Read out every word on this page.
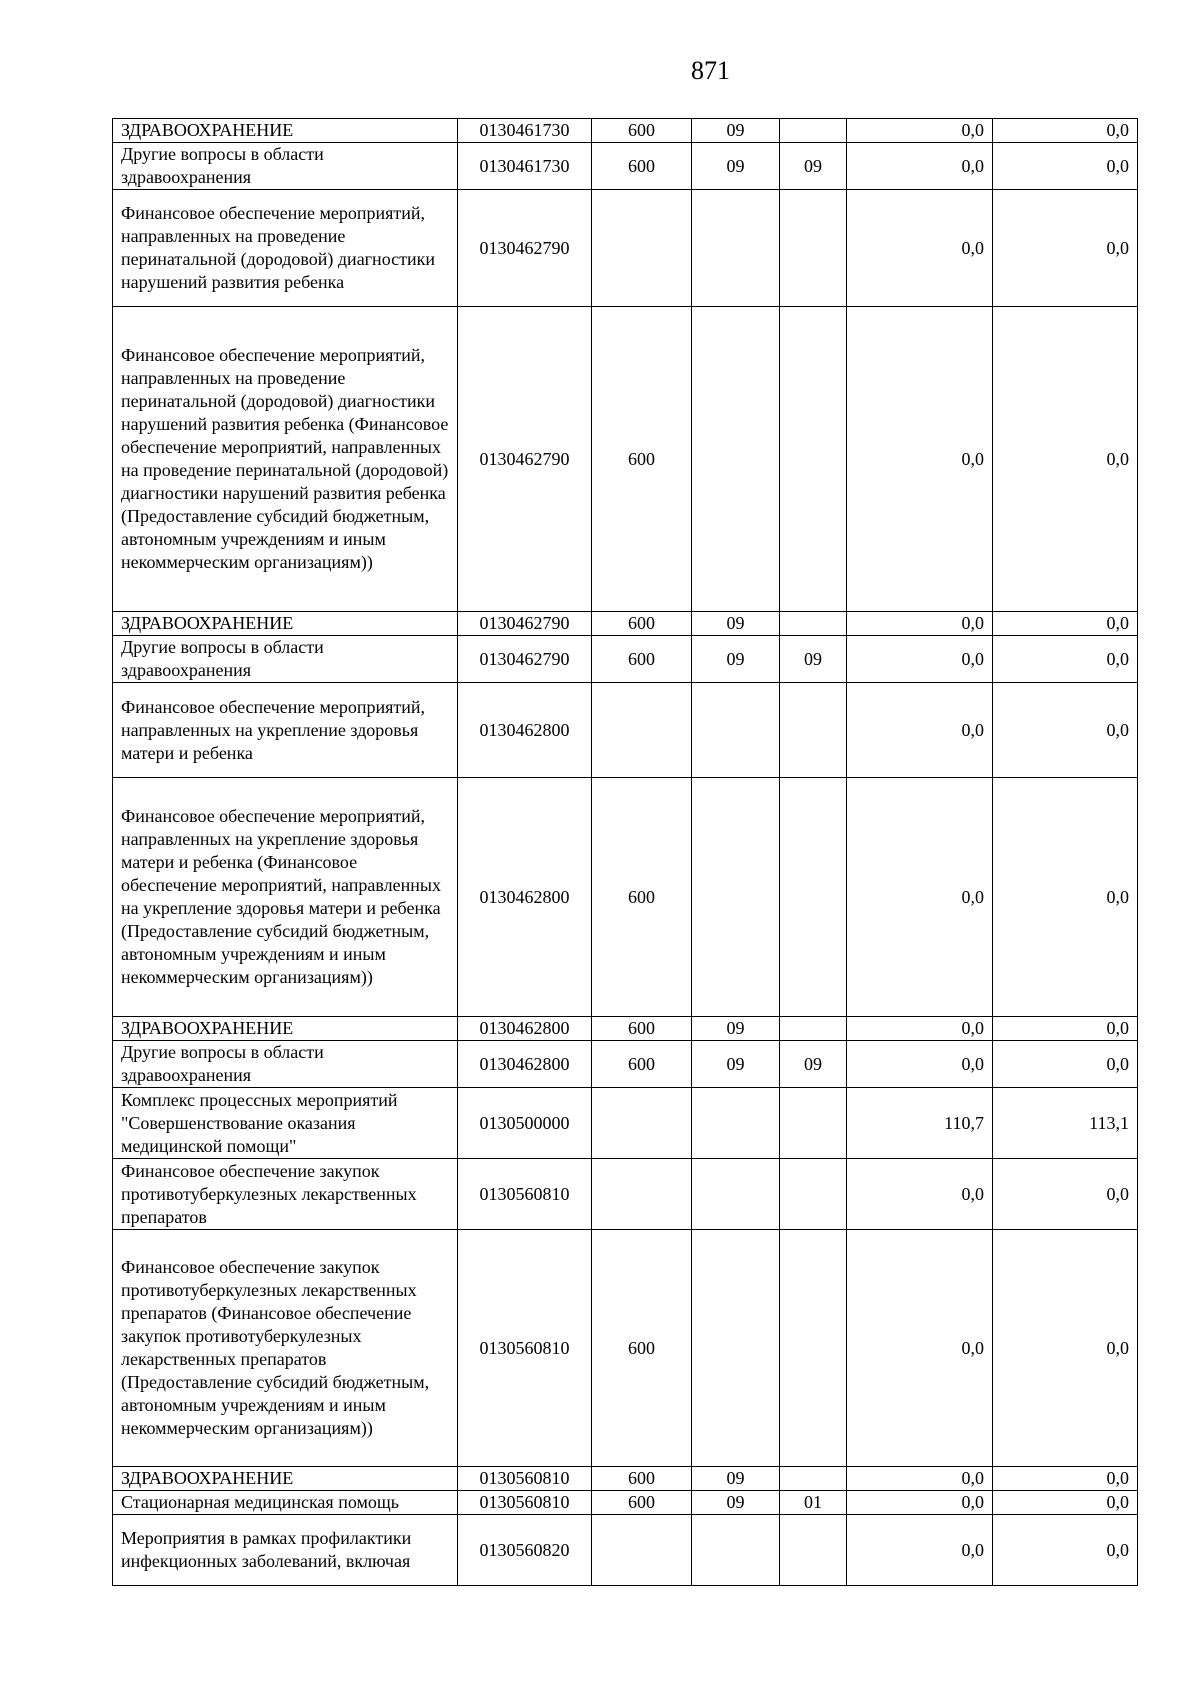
871
ЗДРАВООХРАНЕНИЕ	0130461730	600	09		0,0	0,0
Другие вопросы в области здравоохранения	0130461730	600	09	09	0,0	0,0
Финансовое обеспечение мероприятий, направленных на проведение перинатальной (дородовой) диагностики нарушений развития ребенка	0130462790				0,0	0,0
Финансовое обеспечение мероприятий, направленных на проведение перинатальной (дородовой) диагностики нарушений развития ребенка (Финансовое обеспечение мероприятий, направленных на проведение перинатальной (дородовой) диагностики нарушений развития ребенка (Предоставление субсидий бюджетным, автономным учреждениям и иным некоммерческим организациям))	0130462790	600			0,0	0,0
ЗДРАВООХРАНЕНИЕ	0130462790	600	09		0,0	0,0
Другие вопросы в области здравоохранения	0130462790	600	09	09	0,0	0,0
Финансовое обеспечение мероприятий, направленных на укрепление здоровья матери и ребенка	0130462800				0,0	0,0
Финансовое обеспечение мероприятий, направленных на укрепление здоровья матери и ребенка (Финансовое обеспечение мероприятий, направленных на укрепление здоровья матери и ребенка (Предоставление субсидий бюджетным, автономным учреждениям и иным некоммерческим организациям))	0130462800	600			0,0	0,0
ЗДРАВООХРАНЕНИЕ	0130462800	600	09		0,0	0,0
Другие вопросы в области здравоохранения	0130462800	600	09	09	0,0	0,0
Комплекс процессных мероприятий "Совершенствование оказания медицинской помощи"	0130500000				110,7	113,1
Финансовое обеспечение закупок противотуберкулезных лекарственных препаратов	0130560810				0,0	0,0
Финансовое обеспечение закупок противотуберкулезных лекарственных препаратов (Финансовое обеспечение закупок противотуберкулезных лекарственных препаратов (Предоставление субсидий бюджетным, автономным учреждениям и иным некоммерческим организациям))	0130560810	600			0,0	0,0
ЗДРАВООХРАНЕНИЕ	0130560810	600	09		0,0	0,0
Стационарная медицинская помощь	0130560810	600	09	01	0,0	0,0
Мероприятия в рамках профилактики инфекционных заболеваний, включая	0130560820				0,0	0,0
